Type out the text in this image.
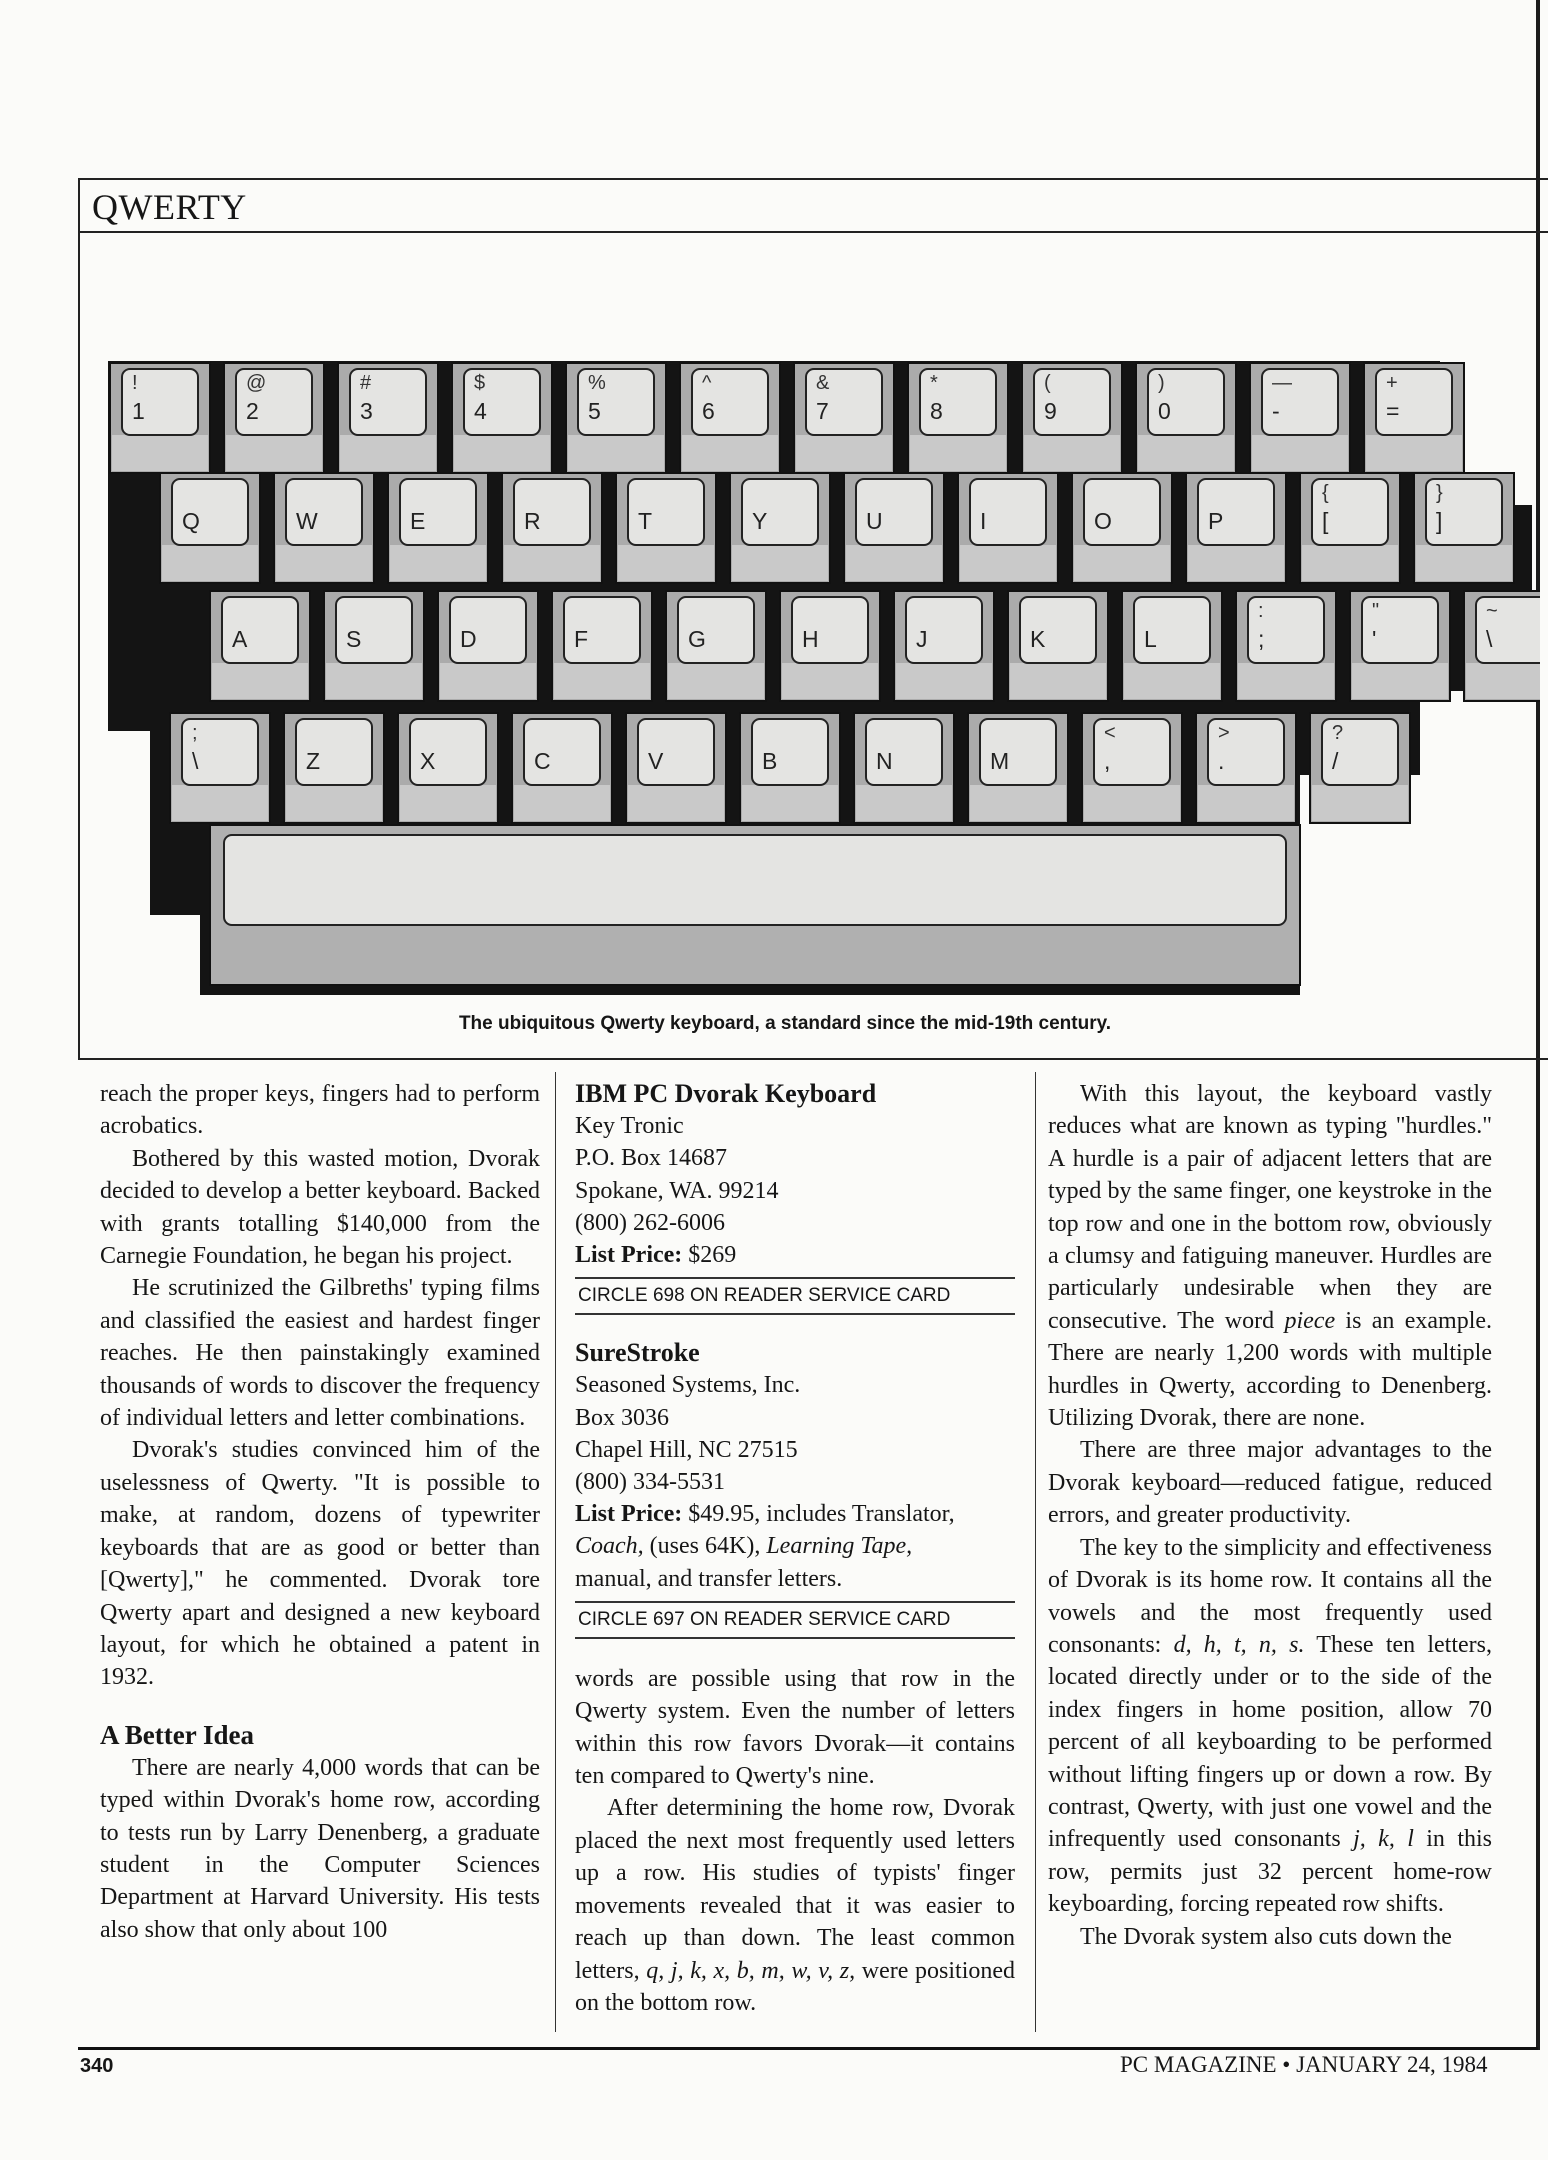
QWERTY
!
1
@
2
#
3
$
4
%
5
^
6
&
7
*
8
(
9
)
0
—
-
+
=
Q	W	E	R	T	Y	U	I	O	P
{
[
}
]
A	S	D	F	G	H	J	K	L
:
;
"
'
~
\
;
\	Z	X	C	V	B	N	M
<
,
>
.
?
/
The ubiquitous Qwerty keyboard, a standard since the mid-19th century.

reach the proper keys, fingers had to perform acrobatics.

Bothered by this wasted motion, Dvorak decided to develop a better keyboard. Backed with grants totalling $140,000 from the Carnegie Foundation, he began his project.

He scrutinized the Gilbreths' typing films and classified the easiest and hardest finger reaches. He then painstakingly examined thousands of words to discover the frequency of individual letters and letter combinations.

Dvorak's studies convinced him of the uselessness of Qwerty. "It is possible to make, at random, dozens of typewriter keyboards that are as good or better than [Qwerty]," he commented. Dvorak tore Qwerty apart and designed a new keyboard layout, for which he obtained a patent in 1932.

A Better Idea

There are nearly 4,000 words that can be typed within Dvorak's home row, according to tests run by Larry Denenberg, a graduate student in the Computer Sciences Department at Harvard University. His tests also show that only about 100

IBM PC Dvorak Keyboard
Key Tronic
P.O. Box 14687
Spokane, WA. 99214
(800) 262-6006
List Price: $269
CIRCLE 698 ON READER SERVICE CARD
SureStroke
Seasoned Systems, Inc.
Box 3036
Chapel Hill, NC 27515
(800) 334-5531
List Price: $49.95, includes Translator,
Coach, (uses 64K), Learning Tape,
manual, and transfer letters.
CIRCLE 697 ON READER SERVICE CARD

words are possible using that row in the Qwerty system. Even the number of letters within this row favors Dvorak—it contains ten compared to Qwerty's nine.

After determining the home row, Dvorak placed the next most frequently used letters up a row. His studies of typists' finger movements revealed that it was easier to reach up than down. The least common letters, q, j, k, x, b, m, w, v, z, were positioned on the bottom row.

With this layout, the keyboard vastly reduces what are known as typing "hurdles." A hurdle is a pair of adjacent letters that are typed by the same finger, one keystroke in the top row and one in the bottom row, obviously a clumsy and fatiguing maneuver. Hurdles are particularly undesirable when they are consecutive. The word piece is an example. There are nearly 1,200 words with multiple hurdles in Qwerty, according to Denenberg. Utilizing Dvorak, there are none.

There are three major advantages to the Dvorak keyboard—reduced fatigue, reduced errors, and greater productivity.

The key to the simplicity and effectiveness of Dvorak is its home row. It contains all the vowels and the most frequently used consonants: d, h, t, n, s. These ten letters, located directly under or to the side of the index fingers in home position, allow 70 percent of all keyboarding to be performed without lifting fingers up or down a row. By contrast, Qwerty, with just one vowel and the infrequently used consonants j, k, l in this row, permits just 32 percent home-row keyboarding, forcing repeated row shifts.

The Dvorak system also cuts down the

340	PC MAGAZINE • JANUARY 24, 1984
